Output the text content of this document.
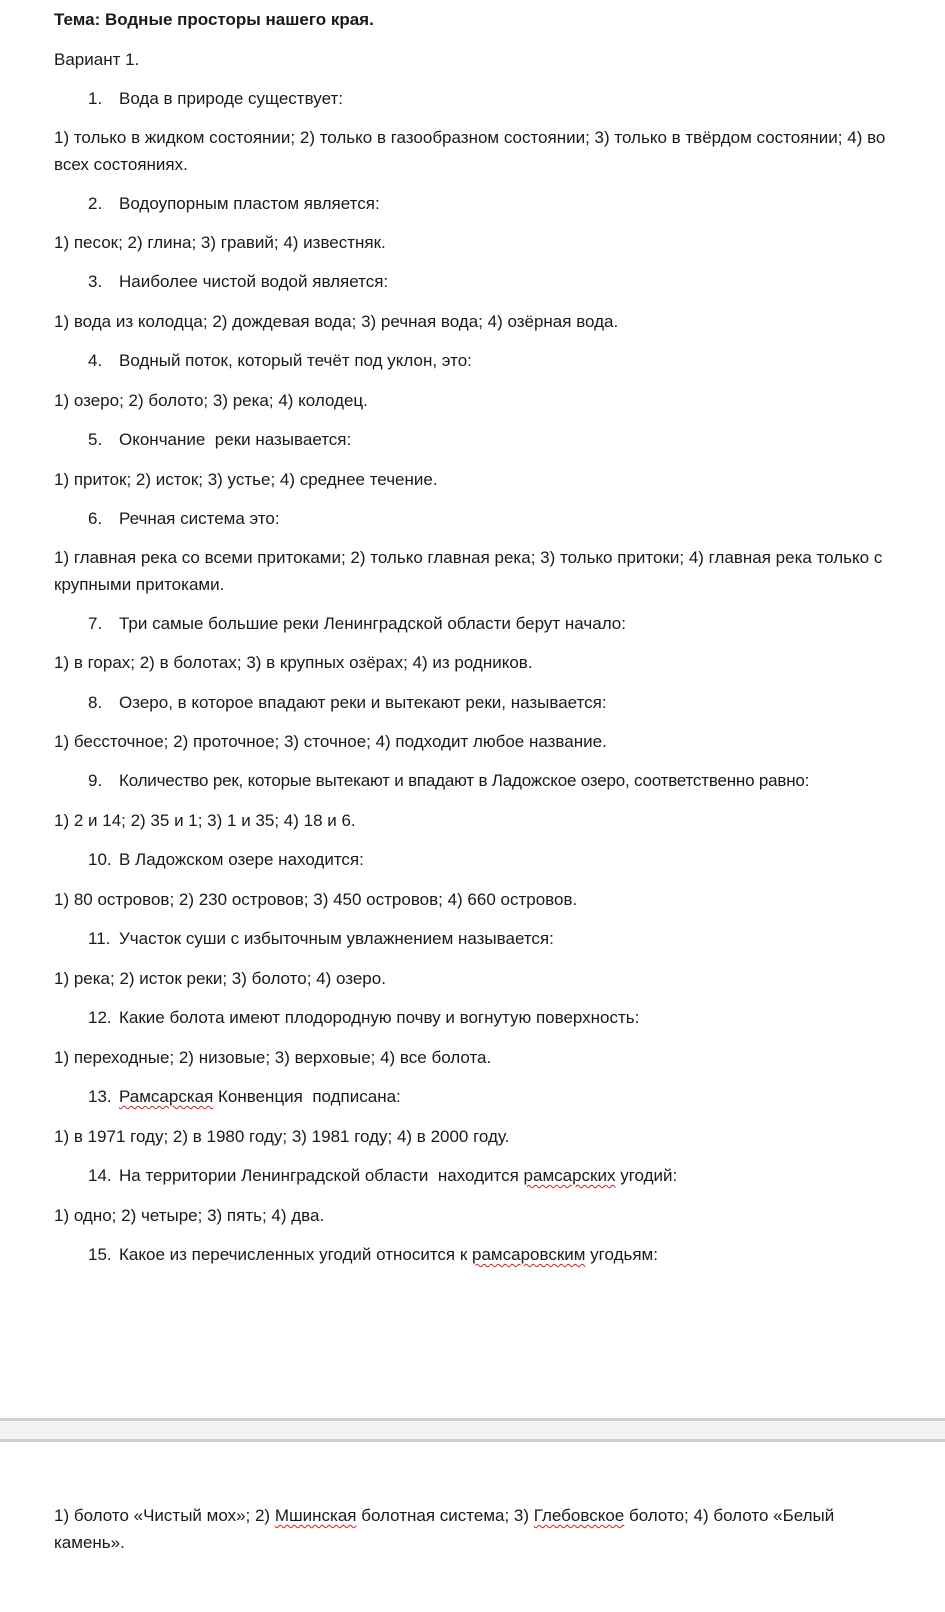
Тема: Водные просторы нашего края.
Вариант 1.
1. Вода в природе существует:
1) только в жидком состоянии; 2) только в газообразном состоянии; 3) только в твёрдом состоянии; 4) во всех состояниях.
2. Водоупорным пластом является:
1) песок; 2) глина; 3) гравий; 4) известняк.
3. Наиболее чистой водой является:
1) вода из колодца; 2) дождевая вода; 3) речная вода; 4) озёрная вода.
4. Водный поток, который течёт под уклон, это:
1) озеро; 2) болото; 3) река; 4) колодец.
5. Окончание  реки называется:
1) приток; 2) исток; 3) устье; 4) среднее течение.
6. Речная система это:
1) главная река со всеми притоками; 2) только главная река; 3) только притоки; 4) главная река только с крупными притоками.
7. Три самые большие реки Ленинградской области берут начало:
1) в горах; 2) в болотах; 3) в крупных озёрах; 4) из родников.
8. Озеро, в которое впадают реки и вытекают реки, называется:
1) бессточное; 2) проточное; 3) сточное; 4) подходит любое название.
9. Количество рек, которые вытекают и впадают в Ладожское озеро, соответственно равно:
1) 2 и 14; 2) 35 и 1; 3) 1 и 35; 4) 18 и 6.
10. В Ладожском озере находится:
1) 80 островов; 2) 230 островов; 3) 450 островов; 4) 660 островов.
11. Участок суши с избыточным увлажнением называется:
1) река; 2) исток реки; 3) болото; 4) озеро.
12. Какие болота имеют плодородную почву и вогнутую поверхность:
1) переходные; 2) низовые; 3) верховые; 4) все болота.
13. Рамсарская Конвенция  подписана:
1) в 1971 году; 2) в 1980 году; 3) 1981 году; 4) в 2000 году.
14. На территории Ленинградской области  находится рамсарских угодий:
1) одно; 2) четыре; 3) пять; 4) два.
15. Какое из перечисленных угодий относится к рамсаровским угодьям:
1) болото «Чистый мох»; 2) Мшинская болотная система; 3) Глебовское болото; 4) болото «Белый камень».
